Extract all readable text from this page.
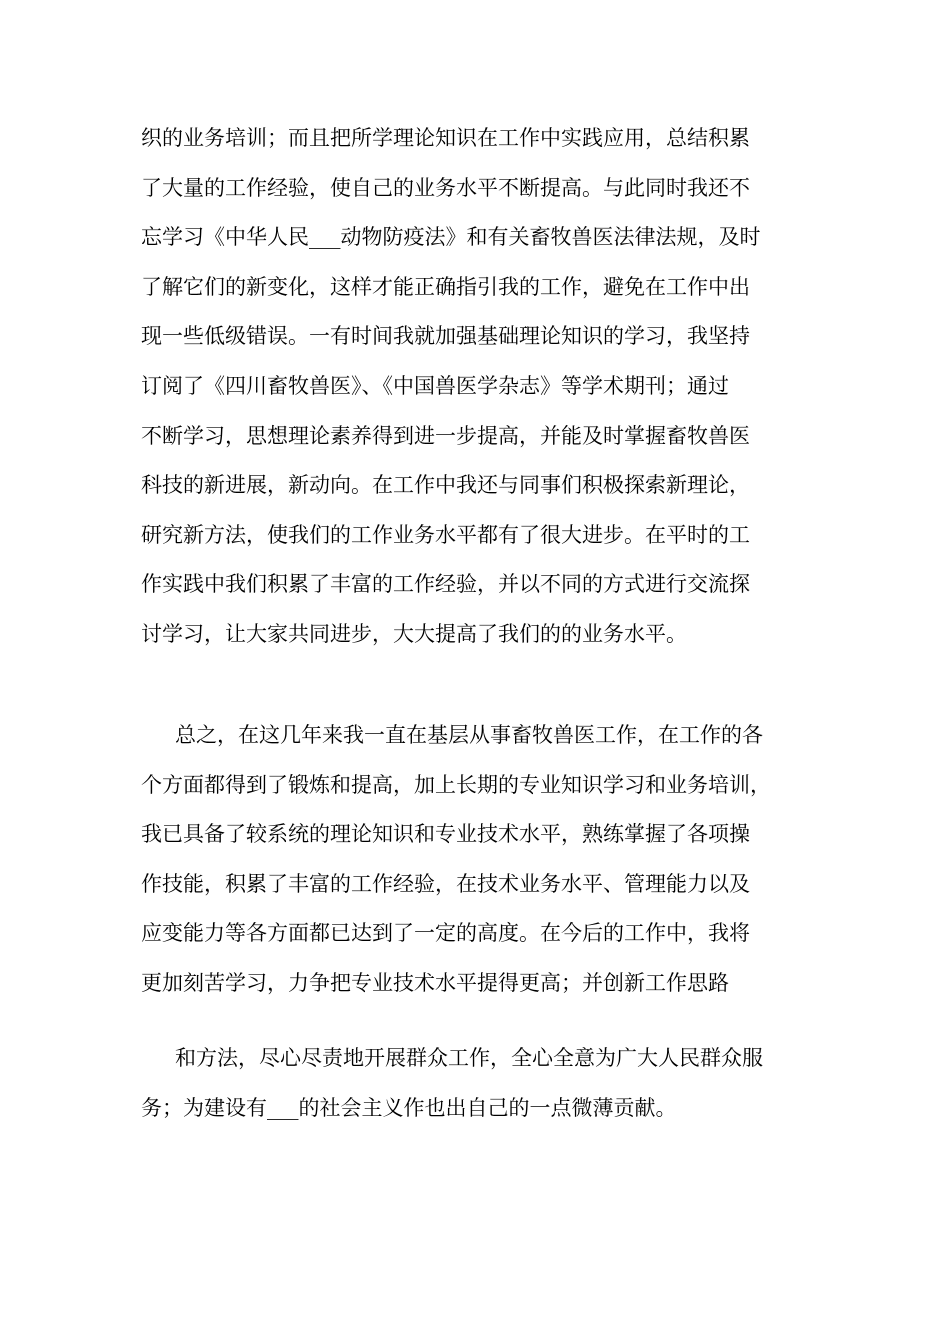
织的业务培训；而且把所学理论知识在工作中实践应用，总结积累
了大量的工作经验，使自己的业务水平不断提高。与此同时我还不
忘学习《中华人民___动物防疫法》和有关畜牧兽医法律法规，及时
了解它们的新变化，这样才能正确指引我的工作，避免在工作中出
现一些低级错误。一有时间我就加强基础理论知识的学习，我坚持
订阅了《四川畜牧兽医》、《中国兽医学杂志》等学术期刊；通过
不断学习，思想理论素养得到进一步提高，并能及时掌握畜牧兽医
科技的新进展，新动向。在工作中我还与同事们积极探索新理论，
研究新方法，使我们的工作业务水平都有了很大进步。在平时的工
作实践中我们积累了丰富的工作经验，并以不同的方式进行交流探
讨学习，让大家共同进步，大大提高了我们的的业务水平。
总之，在这几年来我一直在基层从事畜牧兽医工作，在工作的各
个方面都得到了锻炼和提高，加上长期的专业知识学习和业务培训，
我已具备了较系统的理论知识和专业技术水平，熟练掌握了各项操
作技能，积累了丰富的工作经验，在技术业务水平、管理能力以及
应变能力等各方面都已达到了一定的高度。在今后的工作中，我将
更加刻苦学习，力争把专业技术水平提得更高；并创新工作思路
和方法，尽心尽责地开展群众工作，全心全意为广大人民群众服
务；为建设有___的社会主义作也出自己的一点微薄贡献。
